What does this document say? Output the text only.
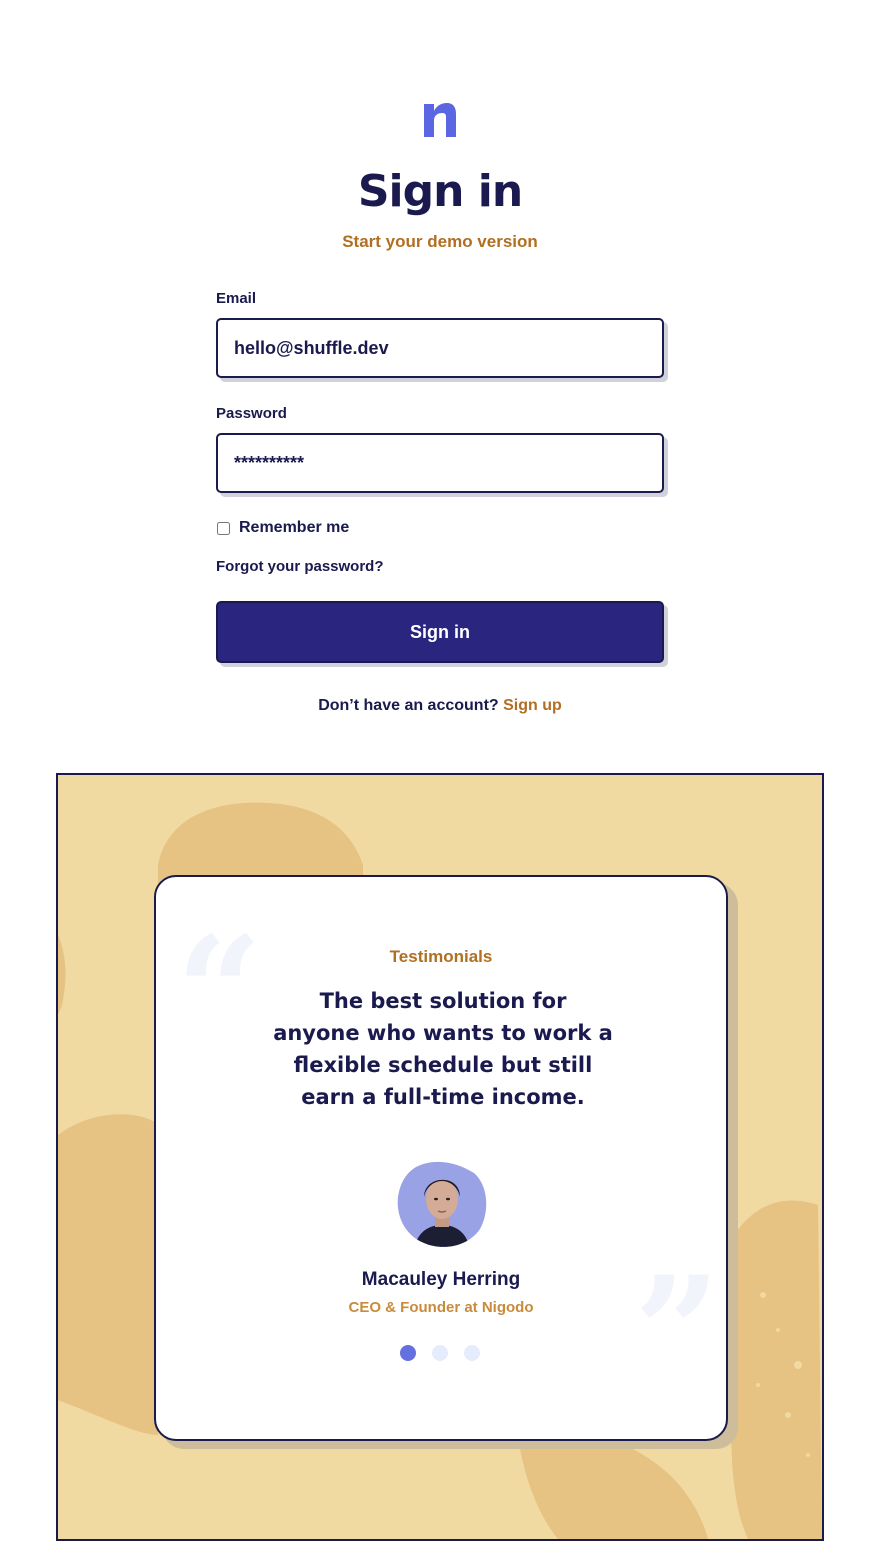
Sign in
Start your demo version
Email
hello@shuffle.dev
Password
**********
Remember me
Forgot your password?
Sign in
Don’t have an account? Sign up
“
”
Testimonials

The best solution for anyone who wants to work a flexible schedule but still earn a full-time income.

Macauley Herring
CEO & Founder at Nigodo
